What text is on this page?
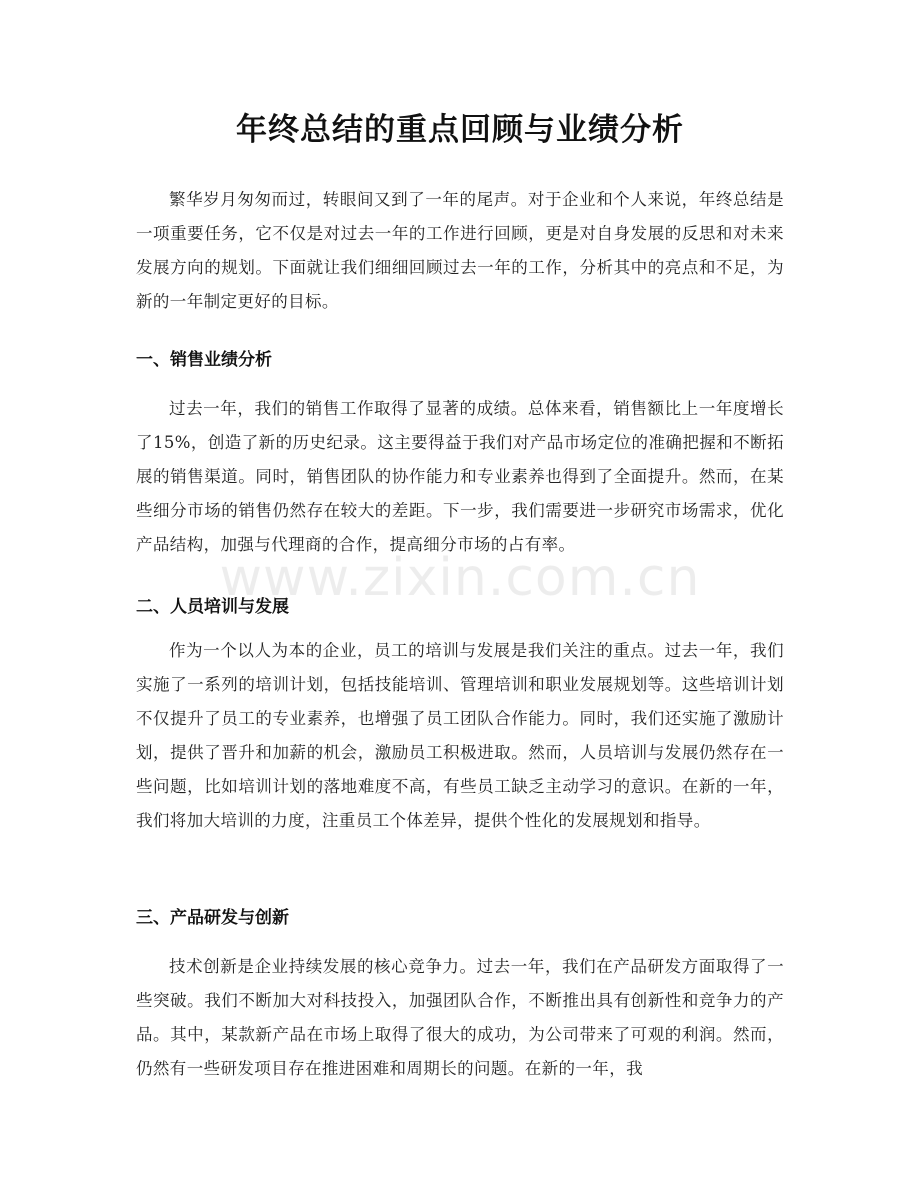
年终总结的重点回顾与业绩分析

繁华岁月匆匆而过，转眼间又到了一年的尾声。对于企业和个人来说，年终总结是一项重要任务，它不仅是对过去一年的工作进行回顾，更是对自身发展的反思和对未来发展方向的规划。下面就让我们细细回顾过去一年的工作，分析其中的亮点和不足，为新的一年制定更好的目标。

一、销售业绩分析

过去一年，我们的销售工作取得了显著的成绩。总体来看，销售额比上一年度增长了15%，创造了新的历史纪录。这主要得益于我们对产品市场定位的准确把握和不断拓展的销售渠道。同时，销售团队的协作能力和专业素养也得到了全面提升。然而，在某些细分市场的销售仍然存在较大的差距。下一步，我们需要进一步研究市场需求，优化产品结构，加强与代理商的合作，提高细分市场的占有率。

二、人员培训与发展

作为一个以人为本的企业，员工的培训与发展是我们关注的重点。过去一年，我们实施了一系列的培训计划，包括技能培训、管理培训和职业发展规划等。这些培训计划不仅提升了员工的专业素养，也增强了员工团队合作能力。同时，我们还实施了激励计划，提供了晋升和加薪的机会，激励员工积极进取。然而，人员培训与发展仍然存在一些问题，比如培训计划的落地难度不高，有些员工缺乏主动学习的意识。在新的一年，我们将加大培训的力度，注重员工个体差异，提供个性化的发展规划和指导。

三、产品研发与创新

技术创新是企业持续发展的核心竞争力。过去一年，我们在产品研发方面取得了一些突破。我们不断加大对科技投入，加强团队合作，不断推出具有创新性和竞争力的产品。其中，某款新产品在市场上取得了很大的成功，为公司带来了可观的利润。然而，仍然有一些研发项目存在推进困难和周期长的问题。在新的一年，我

www.zixin.com.cn
